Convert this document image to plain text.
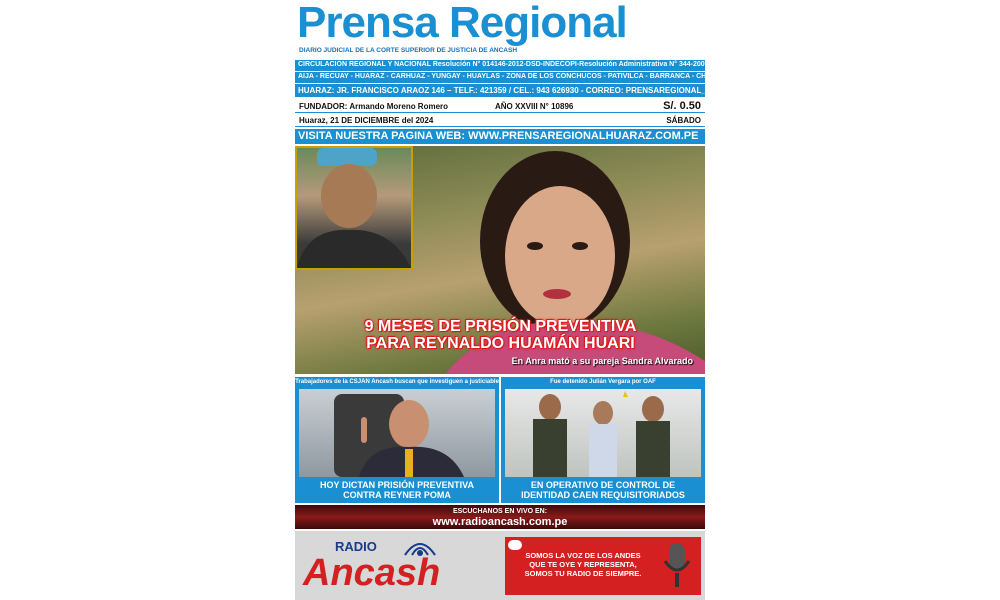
Prensa Regional
DIARIO JUDICIAL DE LA CORTE SUPERIOR DE JUSTICIA DE ANCASH
CIRCULACIÓN REGIONAL Y NACIONAL Resolución N° 014146-2012-DSD-INDECOPI-Resolución Administrativa N° 344-2007-P-CSJAN/PJ
AIJA - RECUAY - HUARAZ - CARHUAZ - YUNGAY - HUAYLAS - ZONA DE LOS CONCHUCOS - PATIVILCA - BARRANCA - CHIMBOTE - LIMA NORTE
HUARAZ: JR. FRANCISCO ARAOZ 146 – TELF.: 421359 / CEL.: 943 626930 - CORREO: PRENSAREGIONAL_1@YAHOO.ES
FUNDADOR: Armando Moreno Romero	AÑO XXVIII N° 10896	S/. 0.50
Huaraz, 21 DE DICIEMBRE del 2024	SÁBADO
VISITA NUESTRA PAGINA WEB: WWW.PRENSAREGIONALHUARAZ.COM.PE
9 MESES DE PRISIÓN PREVENTIVA
PARA REYNALDO HUAMÁN HUARI
En Anra mató a su pareja Sandra Alvarado
Trabajadores de la CSJAN Ancash buscan que investiguen a justiciable
HOY DICTAN PRISIÓN PREVENTIVA
CONTRA REYNER POMA
Fue detenido Julián Vergara por OAF
EN OPERATIVO DE CONTROL DE
IDENTIDAD CAEN REQUISITORIADOS
ESCUCHANOS EN VIVO EN:
www.radioancash.com.pe
RADIO
Ancash	SOMOS LA VOZ DE LOS ANDES
QUE TE OYE Y REPRESENTA,
SOMOS TU RADIO DE SIEMPRE.
